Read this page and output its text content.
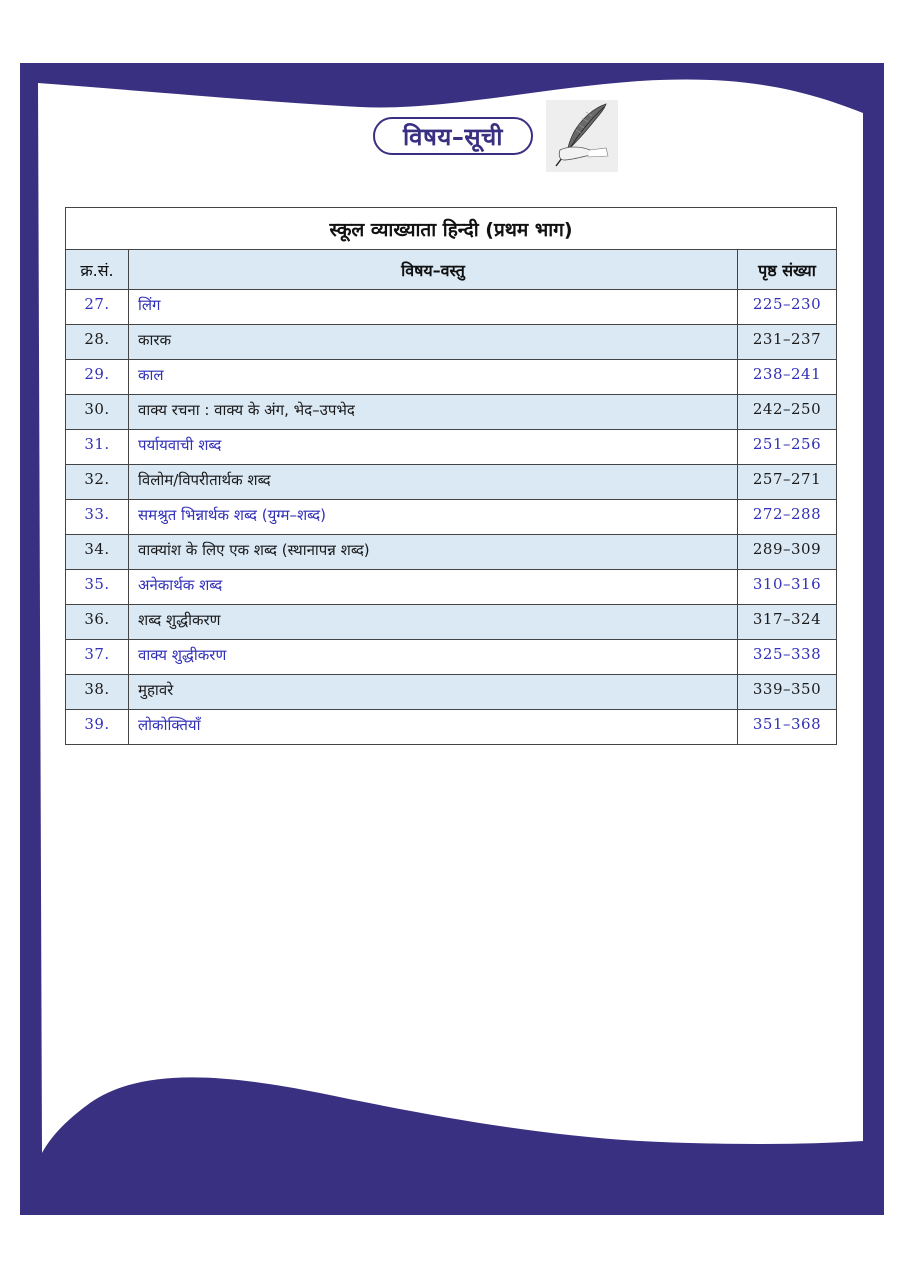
विषय–सूची
स्कूल व्याख्याता हिन्दी (प्रथम भाग)		
क्र.सं.	विषय–वस्तु	पृष्ठ संख्या
27.	लिंग	225–230
28.	कारक	231–237
29.	काल	238–241
30.	वाक्य रचना : वाक्य के अंग, भेद–उपभेद	242–250
31.	पर्यायवाची शब्द	251–256
32.	विलोम/विपरीतार्थक शब्द	257–271
33.	समश्रुत भिन्नार्थक शब्द (युग्म–शब्द)	272–288
34.	वाक्यांश के लिए एक शब्द (स्थानापन्न शब्द)	289–309
35.	अनेकार्थक शब्द	310–316
36.	शब्द शुद्धीकरण	317–324
37.	वाक्य शुद्धीकरण	325–338
38.	मुहावरे	339–350
39.	लोकोक्तियाँ	351–368
